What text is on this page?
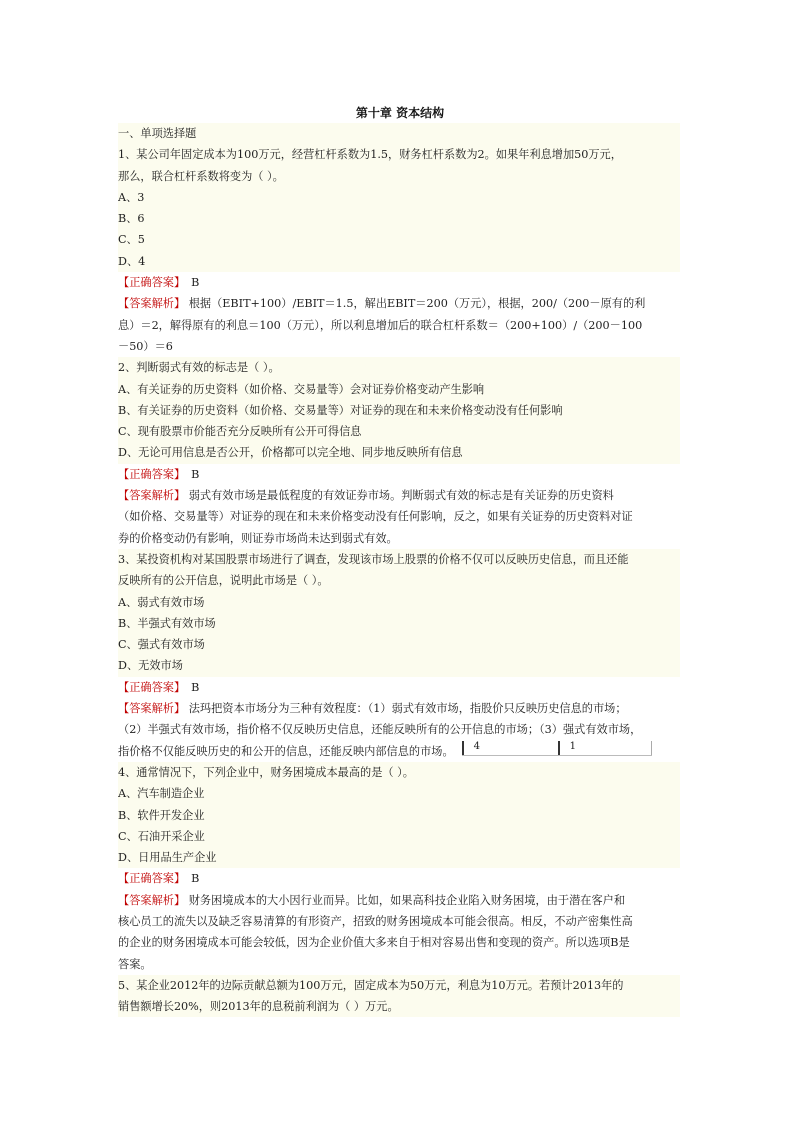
第十章 资本结构
一、单项选择题
1、某公司年固定成本为100万元，经营杠杆系数为1.5，财务杠杆系数为2。如果年利息增加50万元，
那么，联合杠杆系数将变为（ ）。
A、3
B、6
C、5
D、4
【正确答案】 B
【答案解析】 根据（EBIT+100）/EBIT＝1.5，解出EBIT＝200（万元），根据，200/（200－原有的利
息）＝2，解得原有的利息＝100（万元），所以利息增加后的联合杠杆系数＝（200+100）/（200－100
－50）＝6
2、判断弱式有效的标志是（ ）。
A、有关证券的历史资料（如价格、交易量等）会对证券价格变动产生影响
B、有关证券的历史资料（如价格、交易量等）对证券的现在和未来价格变动没有任何影响
C、现有股票市价能否充分反映所有公开可得信息
D、无论可用信息是否公开，价格都可以完全地、同步地反映所有信息
【正确答案】 B
【答案解析】 弱式有效市场是最低程度的有效证券市场。判断弱式有效的标志是有关证券的历史资料
（如价格、交易量等）对证券的现在和未来价格变动没有任何影响，反之，如果有关证券的历史资料对证
券的价格变动仍有影响，则证券市场尚未达到弱式有效。
3、某投资机构对某国股票市场进行了调查，发现该市场上股票的价格不仅可以反映历史信息，而且还能
反映所有的公开信息，说明此市场是（ ）。
A、弱式有效市场
B、半强式有效市场
C、强式有效市场
D、无效市场
【正确答案】 B
【答案解析】 法玛把资本市场分为三种有效程度：（1）弱式有效市场，指股价只反映历史信息的市场；
（2）半强式有效市场，指价格不仅反映历史信息，还能反映所有的公开信息的市场；（3）强式有效市场，
指价格不仅能反映历史的和公开的信息，还能反映内部信息的市场。	4	1
4、通常情况下，下列企业中，财务困境成本最高的是（ ）。
A、汽车制造企业
B、软件开发企业
C、石油开采企业
D、日用品生产企业
【正确答案】 B
【答案解析】 财务困境成本的大小因行业而异。比如，如果高科技企业陷入财务困境，由于潜在客户和
核心员工的流失以及缺乏容易清算的有形资产，招致的财务困境成本可能会很高。相反，不动产密集性高
的企业的财务困境成本可能会较低，因为企业价值大多来自于相对容易出售和变现的资产。所以选项B是
答案。
5、某企业2012年的边际贡献总额为100万元，固定成本为50万元，利息为10万元。若预计2013年的
销售额增长20%，则2013年的息税前利润为（ ）万元。
